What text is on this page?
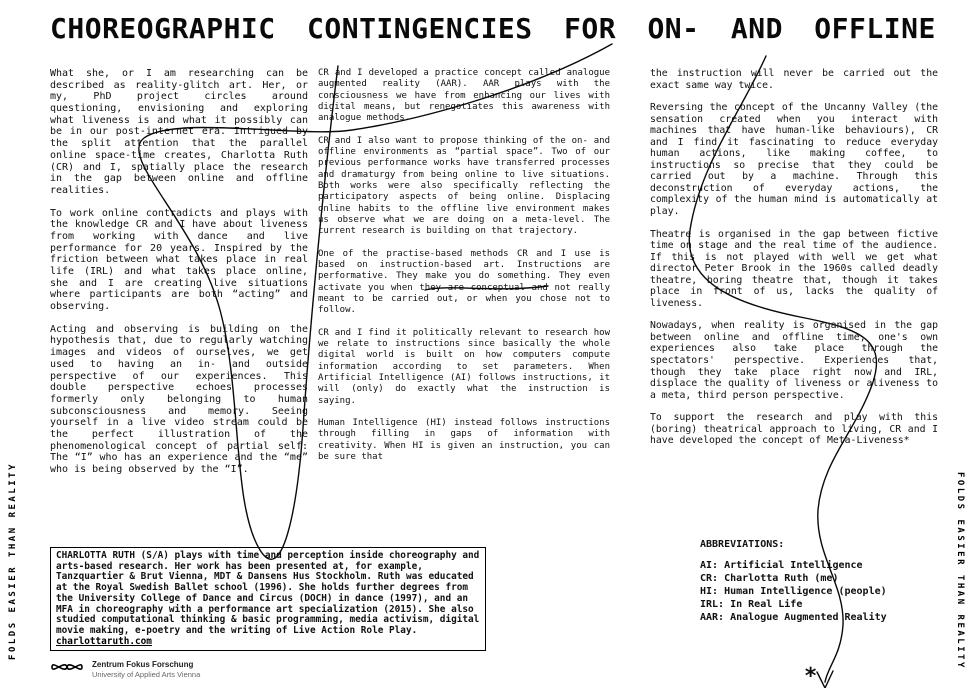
CHOREOGRAPHIC CONTINGENCIES FOR ON- AND OFFLINE

What she, or I am researching can be described as reality-glitch art. Her, or my, PhD project circles around questioning, envisioning and exploring what liveness is and what it possibly can be in our post-internet era. Intrigued by the split attention that the parallel online space-time creates, Charlotta Ruth (CR) and I, spatially place the research in the gap between online and offline realities.

To work online contradicts and plays with the knowledge CR and I have about liveness from working with dance and live performance for 20 years. Inspired by the friction between what takes place in real life (IRL) and what takes place online, she and I are creating live situations where participants are both “acting” and observing.

Acting and observing is building on the hypothesis that, due to regularly watching images and videos of ourselves, we get used to having an in- and outside perspective of our experiences. This double perspective echoes processes formerly only belonging to human subconsciousness and memory. Seeing yourself in a live video stream could be the perfect illustration of the phenomenological concept of partial self: The “I” who has an experience and the “me” who is being observed by the “I”.

CR and I developed a practice concept called analogue augmented reality (AAR). AAR plays with the consciousness we have from enhancing our lives with digital means, but renegotiates this awareness with analogue methods.

CR and I also want to propose thinking of the on- and offline environments as “partial space”. Two of our previous performance works have transferred processes and dramaturgy from being online to live situations. Both works were also specifically reflecting the participatory aspects of being online. Displacing online habits to the offline live environment makes us observe what we are doing on a meta-level. The current research is building on that trajectory.

One of the practise-based methods CR and I use is based on instruction-based art. Instructions are performative. They make you do something. They even activate you when they are conceptual and not really meant to be carried out, or when you chose not to follow.

CR and I find it politically relevant to research how we relate to instructions since basically the whole digital world is built on how computers compute information according to set parameters. When Artificial Intelligence (AI) follows instructions, it will (only) do exactly what the instruction is saying.

Human Intelligence (HI) instead follows instructions through filling in gaps of information with creativity. When HI is given an instruction, you can be sure that

the instruction will never be carried out the exact same way twice.

Reversing the concept of the Uncanny Valley (the sensation created when you interact with machines that have human-like behaviours), CR and I find it fascinating to reduce everyday human actions, like making coffee, to instructions so precise that they could be carried out by a machine. Through this deconstruction of everyday actions, the complexity of the human mind is automatically at play.

Theatre is organised in the gap between fictive time on stage and the real time of the audience. If this is not played with well we get what director Peter Brook in the 1960s called deadly theatre, boring theatre that, though it takes place in front of us, lacks the quality of liveness.

Nowadays, when reality is organised in the gap between online and offline time, one's own experiences also take place through the spectators' perspective. Experiences that, though they take place right now and IRL, displace the quality of liveness or aliveness to a meta, third person perspective.

To support the research and play with this (boring) theatrical approach to living, CR and I have developed the concept of Meta-Liveness*

CHARLOTTA RUTH (S/A) plays with time and perception inside choreography and arts-based research. Her work has been presented at, for example, Tanzquartier & Brut Vienna, MDT & Dansens Hus Stockholm. Ruth was educated at the Royal Swedish Ballet school (1996). She holds further degrees from the University College of Dance and Circus (DOCH) in dance (1997), and an MFA in choreography with a performance art specialization (2015). She also studied computational thinking & basic programming, media activism, digital movie making, e-poetry and the writing of Live Action Role Play.
charlottaruth.com
ABBREVIATIONS:
AI: Artificial Intelligence
CR: Charlotta Ruth (me)
HI: Human Intelligence (people)
IRL: In Real Life
AAR: Analogue Augmented Reality
FOLDS EASIER THAN REALITY	FOLDS EASIER THAN REALITY
Zentrum Fokus Forschung
University of Applied Arts Vienna	*
